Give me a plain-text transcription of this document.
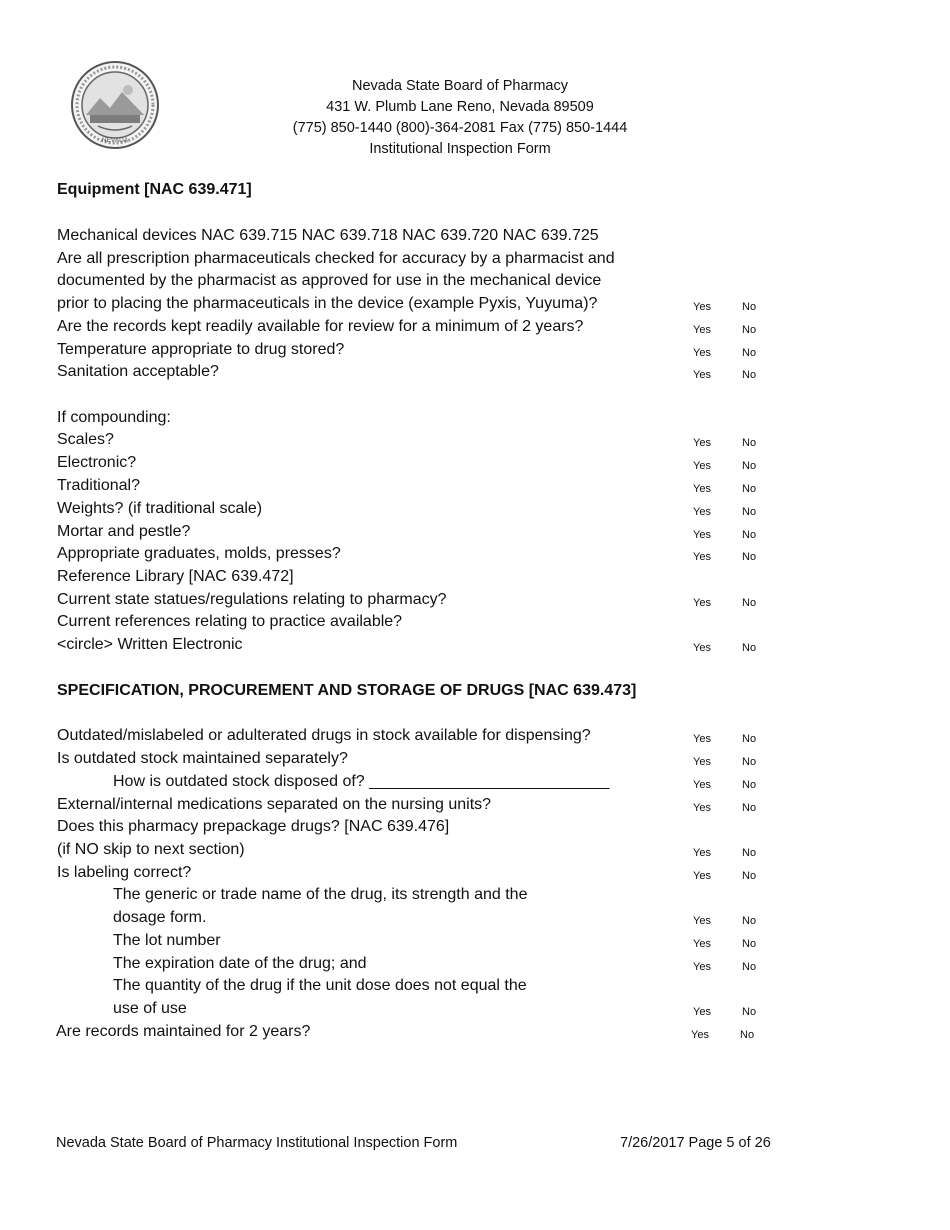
NEVADA
Nevada State Board of Pharmacy
431 W. Plumb Lane Reno, Nevada 89509
(775) 850-1440 (800)-364-2081 Fax (775) 850-1444
Institutional Inspection Form
Equipment [NAC 639.471]
Mechanical devices NAC 639.715 NAC 639.718 NAC 639.720 NAC 639.725
Are all prescription pharmaceuticals checked for accuracy by a pharmacist and
documented by the pharmacist as approved for use in the mechanical device
prior to placing the pharmaceuticals in the device (example Pyxis, Yuyuma)?	Yes	No
Are the records kept readily available for review for a minimum of 2 years?	Yes	No
Temperature appropriate to drug stored?	Yes	No
Sanitation acceptable?	Yes	No
If compounding:
Scales?	Yes	No
Electronic?	Yes	No
Traditional?	Yes	No
Weights? (if traditional scale)	Yes	No
Mortar and pestle?	Yes	No
Appropriate graduates, molds, presses?	Yes	No
Reference Library [NAC 639.472]
Current state statues/regulations relating to pharmacy?	Yes	No
Current references relating to practice available?
<circle> Written Electronic	Yes	No
SPECIFICATION, PROCUREMENT AND STORAGE OF DRUGS [NAC 639.473]
Outdated/mislabeled or adulterated drugs in stock available for dispensing?	Yes	No
Is outdated stock maintained separately?	Yes	No
How is outdated stock disposed of? ___________________________	Yes	No
External/internal medications separated on the nursing units?	Yes	No
Does this pharmacy prepackage drugs? [NAC 639.476]
(if NO skip to next section)	Yes	No
Is labeling correct?	Yes	No
The generic or trade name of the drug, its strength and the
dosage form.	Yes	No
The lot number	Yes	No
The expiration date of the drug; and	Yes	No
The quantity of the drug if the unit dose does not equal the
use of use	Yes	No
Are records maintained for 2 years?	Yes	No
Nevada State Board of Pharmacy Institutional Inspection Form	7/26/2017 Page 5 of 26
